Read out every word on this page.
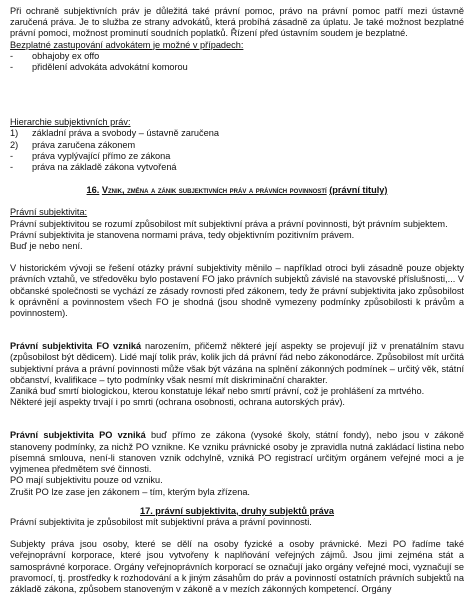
Při ochraně subjektivních práv je důležitá také právní pomoc, právo na právní pomoc patří mezi ústavně zaručená práva. Je to služba ze strany advokátů, která probíhá zásadně za úplatu. Je také možnost bezplatné právní pomoci, možnost prominutí soudních poplatků. Řízení před ústavním soudem je bezplatné.

Bezplatné zastupování advokátem je možné v případech:

-	obhajoby ex offo
-	přidělení advokáta advokátní komorou

Hierarchie subjektivních práv:

1)	základní práva a svobody – ústavně zaručena
2)	práva zaručena zákonem
-	práva vyplývající přímo ze zákona
-	práva na základě zákona vytvořená
16. Vznik, změna a zánik subjektivních práv a právních povinností (právní tituly)

Právní subjektivita:

Právní subjektivitou se rozumí způsobilost mít subjektivní práva a právní povinnosti, být právním subjektem.

Právní subjektivita je stanovena normami práva, tedy objektivním pozitivním právem.

Buď je nebo není.

V historickém vývoji se řešení otázky právní subjektivity měnilo – například otroci byli zásadně pouze objekty právních vztahů, ve středověku bylo postavení FO jako právních subjektů závislé na stavovské příslušnosti,... V občanské společnosti se vychází ze zásady rovnosti před zákonem, tedy že právní subjektivita jako způsobilost k oprávnění a povinnostem všech FO je shodná (jsou shodně vymezeny podmínky způsobilosti k právům a povinnostem).

Právní subjektivita FO vzniká narozením, přičemž některé její aspekty se projevují již v prenatálním stavu (způsobilost být dědicem). Lidé mají tolik práv, kolik jich dá právní řád nebo zákonodárce. Způsobilost mít určitá subjektivní práva a právní povinnosti může však být vázána na splnění zákonných podmínek – určitý věk, státní občanství, kvalifikace – tyto podmínky však nesmí mít diskriminační charakter.

Zaniká buď smrtí biologickou, kterou konstatuje lékař nebo smrtí právní, což je prohlášení za mrtvého.

Některé její aspekty trvají i po smrti (ochrana osobnosti, ochrana autorských práv).

Právní subjektivita PO vzniká buď přímo ze zákona (vysoké školy, státní fondy), nebo jsou v zákoně stanoveny podmínky, za nichž PO vznikne. Ke vzniku právnické osoby je zpravidla nutná zakládací listina nebo písemná smlouva, není-li stanoven vznik odchylně, vzniká PO registrací určitým orgánem veřejné moci a je vyjmenea předmětem své činnosti.

PO mají subjektivitu pouze od vzniku.

Zrušit PO lze zase jen zákonem – tím, kterým byla zřízena.

17. právní subjektivita, druhy subjektů práva

Právní subjektivita je způsobilost mít subjektivní práva a právní povinnosti.

Subjekty práva jsou osoby, které se dělí na osoby fyzické a osoby právnické. Mezi PO řadíme také veřejnoprávní korporace, které jsou vytvořeny k naplňování veřejných zájmů. Jsou jimi zejména stát a samosprávné korporace. Orgány veřejnoprávních korporací se označují jako orgány veřejné moci, vyznačují se pravomocí, tj. prostředky k rozhodování a k jiným zásahům do práv a povinností ostatních právních subjektů na základě zákona, způsobem stanoveným v zákoně a v mezích zákonných kompetencí. Orgány
